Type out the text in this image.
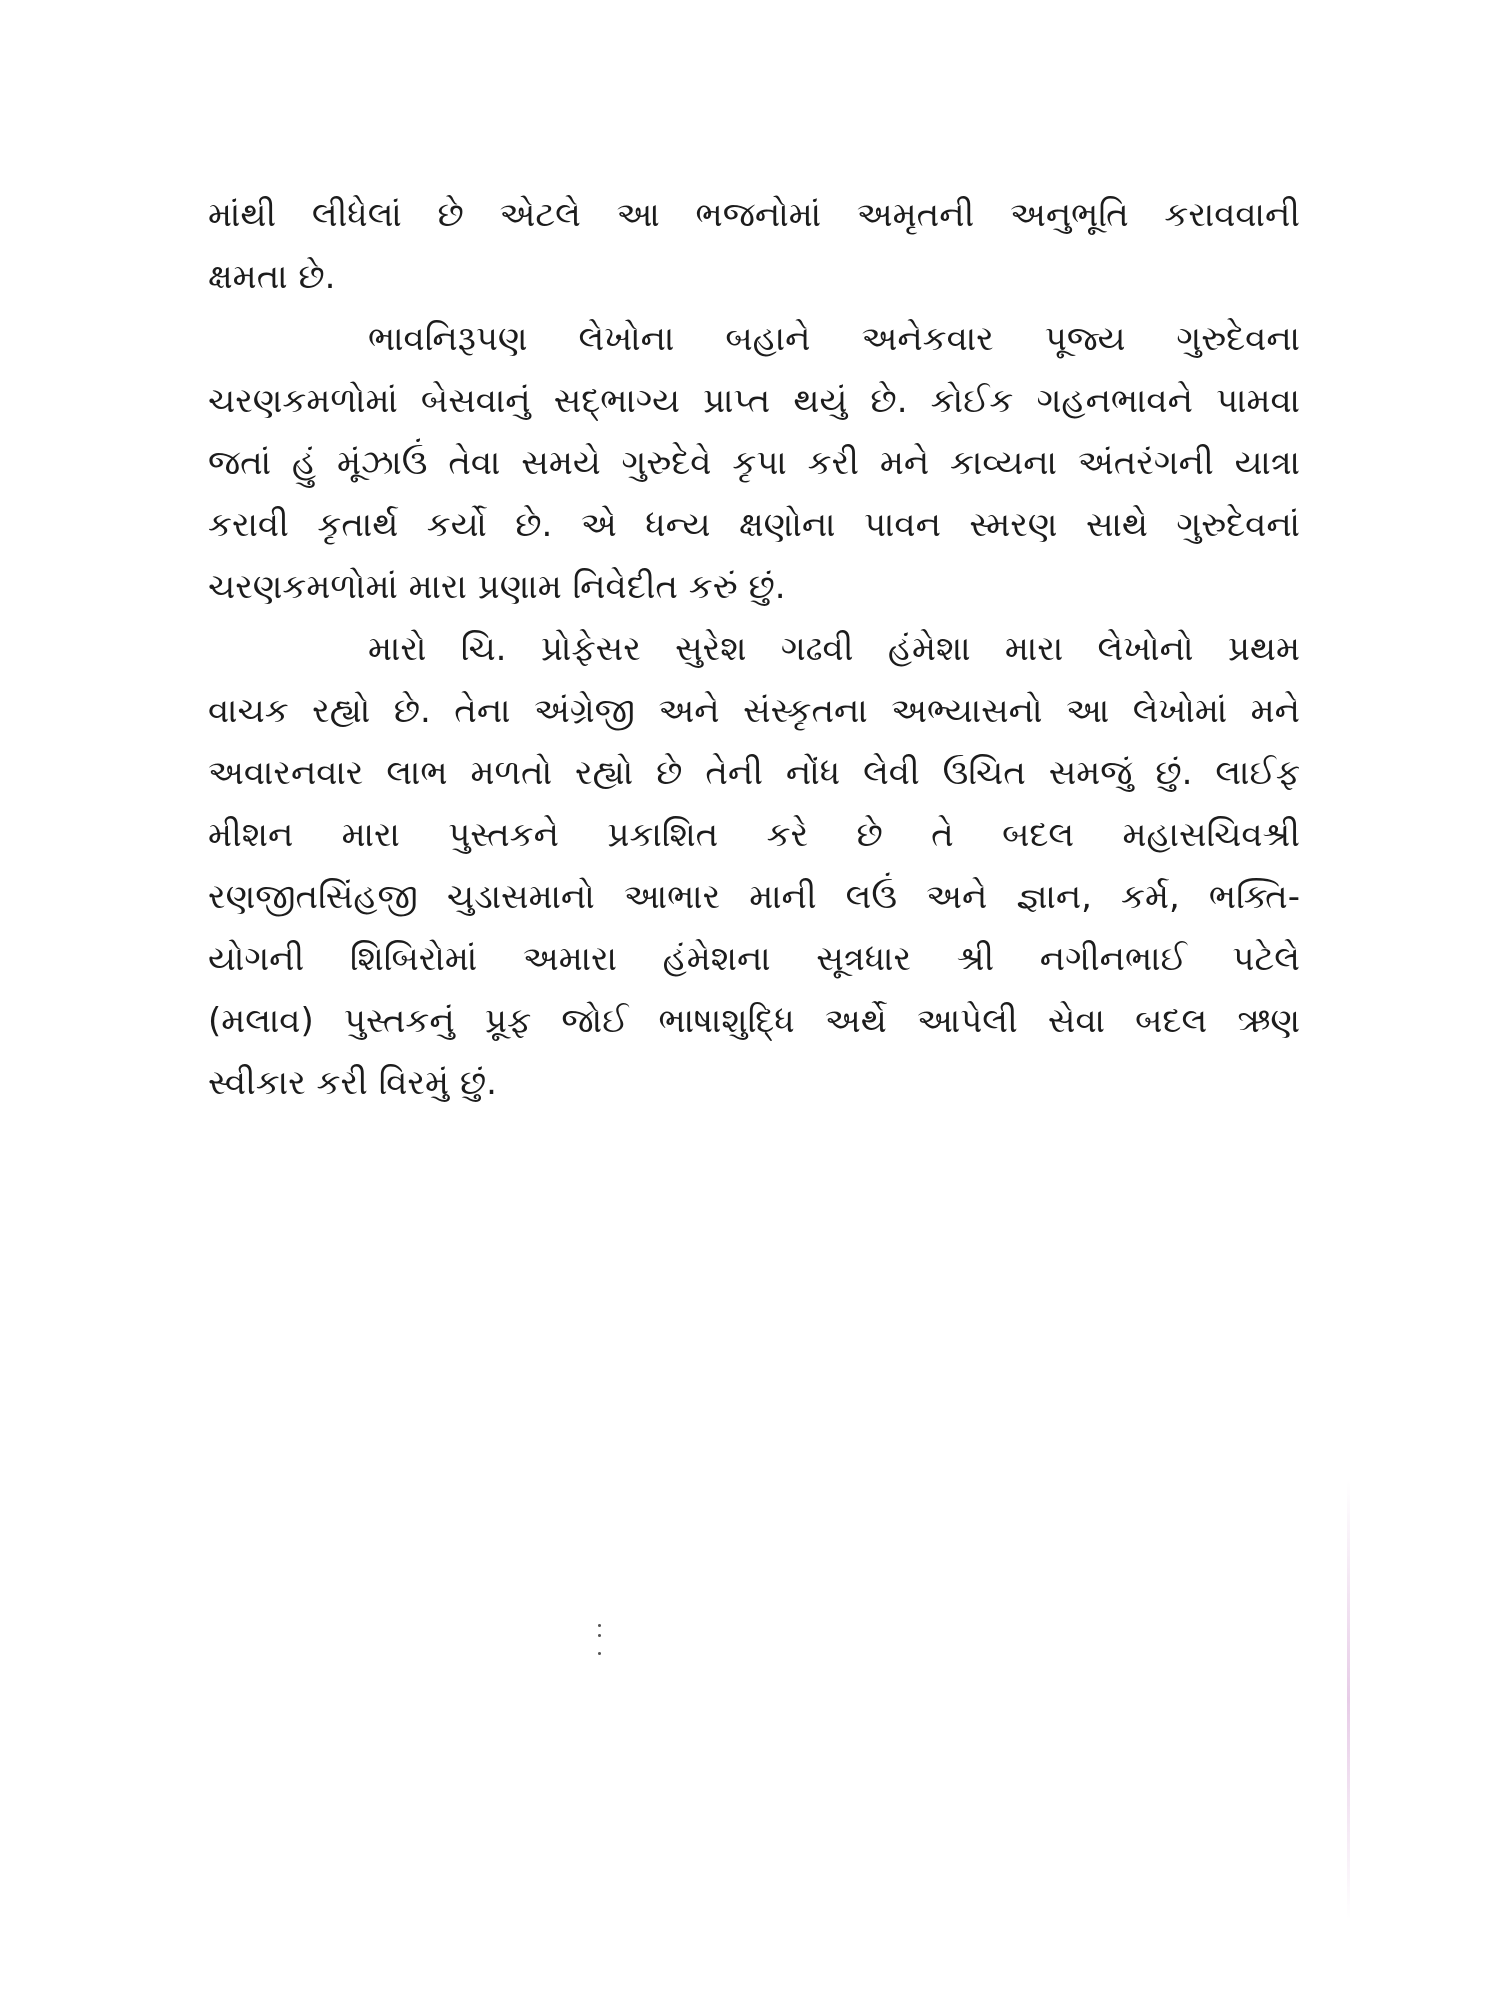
માંથી લીધેલાં છે એટલે આ ભજનોમાં અમૃતની અનુભૂતિ કરાવવાની
ક્ષમતા છે.
ભાવનિરૂપણ લેખોના બહાને અનેકવાર પૂજ્ય ગુરુદેવના
ચરણકમળોમાં બેસવાનું સદ્ભાગ્ય પ્રાપ્ત થયું છે. કોઈક ગહનભાવને પામવા
જતાં હું મૂંઝાઉં તેવા સમયે ગુરુદેવે કૃપા કરી મને કાવ્યના અંતરંગની યાત્રા
કરાવી કૃતાર્થ કર્યો છે. એ ધન્ય ક્ષણોના પાવન સ્મરણ સાથે ગુરુદેવનાં
ચરણકમળોમાં મારા પ્રણામ નિવેદીત કરું છું.
મારો ચિ. પ્રોફેસર સુરેશ ગઢવી હંમેશા મારા લેખોનો પ્રથમ
વાચક રહ્યો છે. તેના અંગ્રેજી અને સંસ્કૃતના અભ્યાસનો આ લેખોમાં મને
અવારનવાર લાભ મળતો રહ્યો છે તેની નોંધ લેવી ઉચિત સમજું છું. લાઈફ
મીશન મારા પુસ્તકને પ્રકાશિત કરે છે તે બદલ મહાસચિવશ્રી
રણજીતસિંહજી ચુડાસમાનો આભાર માની લઉં અને જ્ઞાન, કર્મ, ભક્તિ-
યોગની શિબિરોમાં અમારા હંમેશના સૂત્રધાર શ્રી નગીનભાઈ પટેલે
(મલાવ) પુસ્તકનું પ્રૂફ જોઈ ભાષાશુદ્ધિ અર્થે આપેલી સેવા બદલ ઋણ
સ્વીકાર કરી વિરમું છું.
